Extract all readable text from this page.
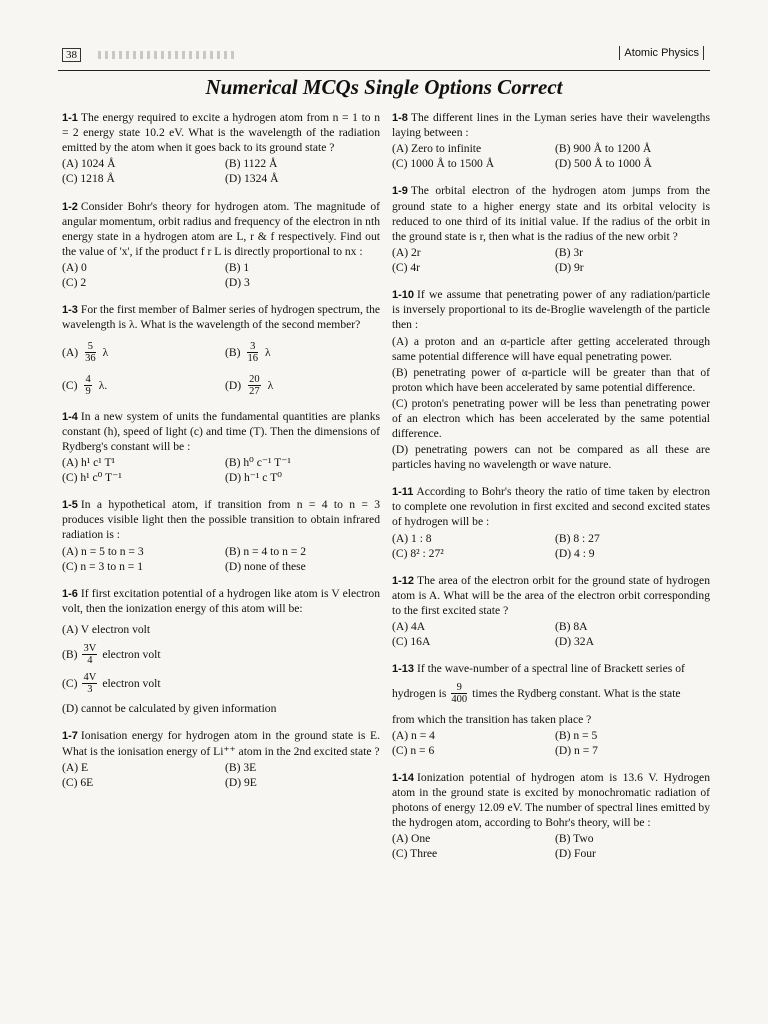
38	Atomic Physics
Numerical MCQs Single Options Correct

1-1 The energy required to excite a hydrogen atom from n = 1 to n = 2 energy state 10.2 eV. What is the wavelength of the radiation emitted by the atom when it goes back to its ground state ?

(A) 1024 Å	(B) 1122 Å
(C) 1218 Å	(D) 1324 Å

1-2 Consider Bohr's theory for hydrogen atom. The magnitude of angular momentum, orbit radius and frequency of the electron in nth energy state in a hydrogen atom are L, r & f respectively. Find out the value of 'x', if the product f r L is directly proportional to nx :

(A) 0	(B) 1
(C) 2	(D) 3

1-3 For the first member of Balmer series of hydrogen spectrum, the wavelength is λ. What is the wavelength of the second member?

$(A) \frac{5}{36}$ λ	$(B) \frac{3}{16}$ λ
$(C) \frac{4}{9} \lambda$.	$(D) \frac{20}{27}$ λ

1-4 In a new system of units the fundamental quantities are planks constant (h), speed of light (c) and time (T). Then the dimensions of Rydberg's constant will be :

(A) h¹ c¹ T¹	(B) h⁰ c⁻¹ T⁻¹
(C) h¹ c⁰ T⁻¹	(D) h⁻¹ c T⁰

1-5 In a hypothetical atom, if transition from n = 4 to n = 3 produces visible light then the possible transition to obtain infrared radiation is :

(A) n = 5 to n = 3	(B) n = 4 to n = 2
(C) n = 3 to n = 1	(D) none of these

1-6 If first excitation potential of a hydrogen like atom is V electron volt, then the ionization energy of this atom will be:

(A) V electron volt
$(B) \frac{3V}{4}$ electron volt
$(C) \frac{4V}{3}$ electron volt
(D) cannot be calculated by given information

1-7 Ionisation energy for hydrogen atom in the ground state is E. What is the ionisation energy of Li⁺⁺ atom in the 2nd excited state ?

(A) E	(B) 3E
(C) 6E	(D) 9E

1-8 The different lines in the Lyman series have their wavelengths laying between :

(A) Zero to infinite	(B) 900 Å to 1200 Å
(C) 1000 Å to 1500 Å	(D) 500 Å to 1000 Å

1-9 The orbital electron of the hydrogen atom jumps from the ground state to a higher energy state and its orbital velocity is reduced to one third of its initial value. If the radius of the orbit in the ground state is r, then what is the radius of the new orbit ?

(A) 2r	(B) 3r
(C) 4r	(D) 9r

1-10 If we assume that penetrating power of any radiation/particle is inversely proportional to its de-Broglie wavelength of the particle then :

(A) a proton and an α-particle after getting accelerated through same potential difference will have equal penetrating power.
(B) penetrating power of α-particle will be greater than that of proton which have been accelerated by same potential difference.
(C) proton's penetrating power will be less than penetrating power of an electron which has been accelerated by the same potential difference.
(D) penetrating powers can not be compared as all these are particles having no wavelength or wave nature.

1-11 According to Bohr's theory the ratio of time taken by electron to complete one revolution in first excited and second excited states of hydrogen will be :

(A) 1 : 8	(B) 8 : 27
(C) 8² : 27²	(D) 4 : 9

1-12 The area of the electron orbit for the ground state of hydrogen atom is A. What will be the area of the electron orbit corresponding to the first excited state ?

(A) 4A	(B) 8A
(C) 16A	(D) 32A

1-13 If the wave-number of a spectral line of Brackett series of

hydrogen is $\frac{9}{400}$ times the Rydberg constant. What is the state

from which the transition has taken place ?

(A) n = 4	(B) n = 5
(C) n = 6	(D) n = 7

1-14 Ionization potential of hydrogen atom is 13.6 V. Hydrogen atom in the ground state is excited by monochromatic radiation of photons of energy 12.09 eV. The number of spectral lines emitted by the hydrogen atom, according to Bohr's theory, will be :

(A) One	(B) Two
(C) Three	(D) Four
